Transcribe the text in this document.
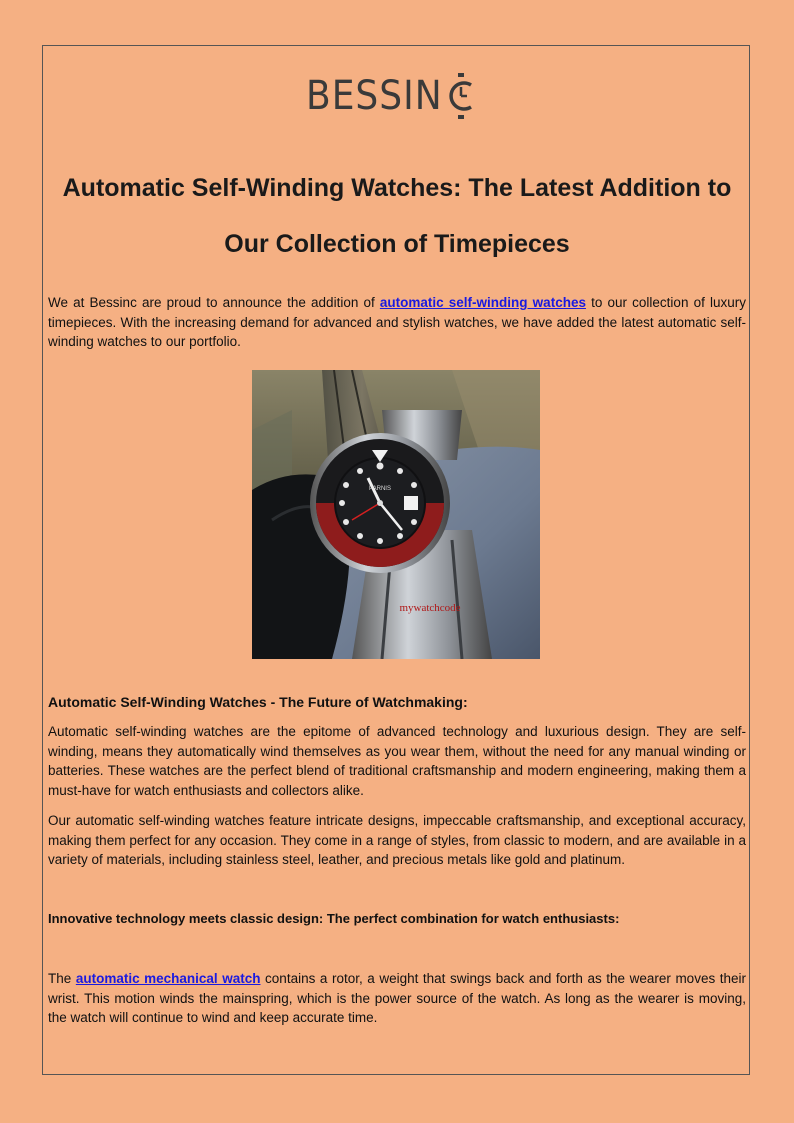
BESSIN
Automatic Self-Winding Watches: The Latest Addition to Our Collection of Timepieces

We at Bessinc are proud to announce the addition of automatic self-winding watches to our collection of luxury timepieces. With the increasing demand for advanced and stylish watches, we have added the latest automatic self-winding watches to our portfolio.

PARNIS
mywatchcode
Automatic Self-Winding Watches - The Future of Watchmaking:

Automatic self-winding watches are the epitome of advanced technology and luxurious design. They are self-winding, means they automatically wind themselves as you wear them, without the need for any manual winding or batteries. These watches are the perfect blend of traditional craftsmanship and modern engineering, making them a must-have for watch enthusiasts and collectors alike.

Our automatic self-winding watches feature intricate designs, impeccable craftsmanship, and exceptional accuracy, making them perfect for any occasion. They come in a range of styles, from classic to modern, and are available in a variety of materials, including stainless steel, leather, and precious metals like gold and platinum.

Innovative technology meets classic design: The perfect combination for watch enthusiasts:

The automatic mechanical watch contains a rotor, a weight that swings back and forth as the wearer moves their wrist. This motion winds the mainspring, which is the power source of the watch. As long as the wearer is moving, the watch will continue to wind and keep accurate time.
